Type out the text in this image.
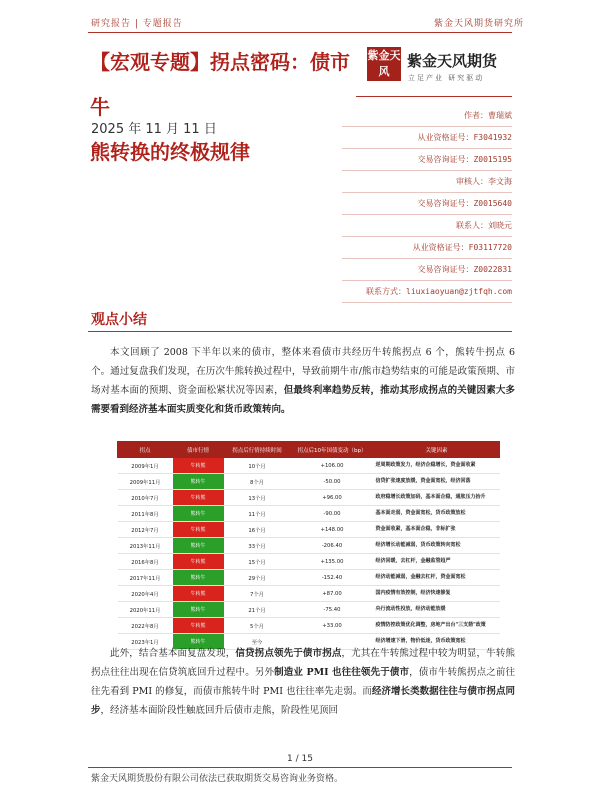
研究报告 | 专题报告	紫金天风期货研究所
【宏观专题】拐点密码：债市牛
熊转换的终极规律
2025 年 11 月 11 日
紫金天风
紫金天风期货
立足产业 研究驱动
作者：曹瑞斌
从业资格证号：F3041932
交易咨询证号：Z0015195
审核人：李文海
交易咨询证号：Z0015640
联系人：刘晓元
从业资格证号：F03117720
交易咨询证号：Z0022831
联系方式：liuxiaoyuan@zjtfqh.com
观点小结
本文回顾了 2008 下半年以来的债市，整体来看债市共经历牛转熊拐点 6 个，熊转牛拐点 6 个。通过复盘我们发现，在历次牛熊转换过程中，导致前期牛市/熊市趋势结束的可能是政策预期、市场对基本面的预期、资金面松紧状况等因素，但最终利率趋势反转，推动其形成拐点的关键因素大多需要看到经济基本面实质变化和货币政策转向。
拐点	债市行情	拐点后行情持续时间	拐点后10年国债变动（bp）	关键因素
2009年1月	牛转熊	10个月	+106.00	逆周期政策发力，经济企稳增长，资金面收紧
2009年11月	熊转牛	8个月	-50.00	信贷扩张速度放缓，资金面宽松，经济回落
2010年7月	牛转熊	13个月	+96.00	政府稳增长政策加码，基本面企稳，通胀压力抬升
2011年8月	熊转牛	11个月	-90.00	基本面走弱，资金面宽松，货币政策放松
2012年7月	牛转熊	16个月	+148.00	资金面收紧，基本面企稳，非标扩张
2013年11月	熊转牛	33个月	-206.40	经济增长动能减弱，货币政策转向宽松
2016年8月	牛转熊	15个月	+135.00	经济回暖，去杠杆，金融监管趋严
2017年11月	熊转牛	29个月	-152.40	经济动能减弱，金融去杠杆，资金面宽松
2020年4月	牛转熊	7个月	+87.00	国内疫情有效控制，经济快速修复
2020年11月	熊转牛	21个月	-75.40	央行流动性投放，经济动能放缓
2022年8月	牛转熊	5个月	+33.00	疫情防控政策优化调整，房地产出台"三支箭"政策
2023年1月	熊转牛	至今		经济增速下滑，物价低迷，货币政策宽松
此外，结合基本面复盘发现，信贷拐点领先于债市拐点，尤其在牛转熊过程中较为明显，牛转熊拐点往往出现在信贷筑底回升过程中。另外制造业 PMI 也往往领先于债市，债市牛转熊拐点之前往往先看到 PMI 的修复，而债市熊转牛时 PMI 也往往率先走弱。而经济增长类数据往往与债市拐点同步，经济基本面阶段性触底回升后债市走熊，阶段性见顶回
1 / 15
紫金天风期货股份有限公司依法已获取期货交易咨询业务资格。
